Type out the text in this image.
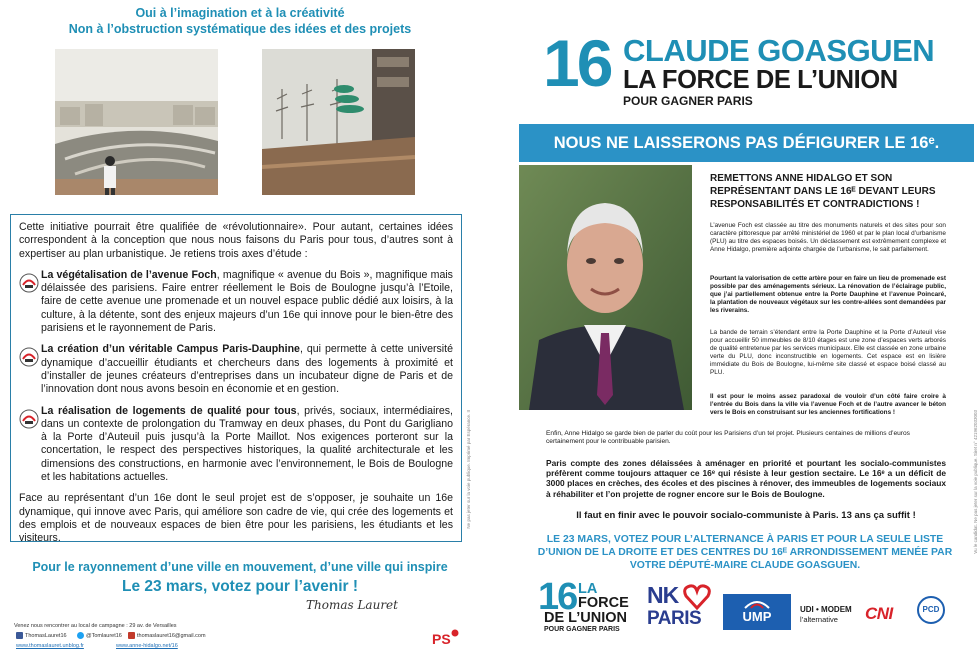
Oui à l’imagination et à la créativité
Non à l’obstruction systématique des idées et des projets

Cette initiative pourrait être qualifiée de «révolutionnaire». Pour autant, certaines idées correspondent à la conception que nous nous faisons du Paris pour tous, d’autres sont à expertiser au plan urbanistique. Je retiens trois axes d’étude :

La végétalisation de l’avenue Foch, magnifique « avenue du Bois », magnifique mais délaissée des parisiens. Faire entrer réellement le Bois de Boulogne jusqu’à l’Etoile, faire de cette avenue une promenade et un nouvel espace public dédié aux loisirs, à la culture, à la détente, sont des enjeux majeurs d’un 16e qui innove pour le bien-être des parisiens et le rayonnement de Paris.

La création d’un véritable Campus Paris-Dauphine, qui permette à cette université dynamique d’accueillir étudiants et chercheurs dans des logements à proximité et d’installer de jeunes créateurs d’entreprises dans un incubateur digne de Paris et de l’innovation dont nous avons besoin en économie et en gestion.

La réalisation de logements de qualité pour tous, privés, sociaux, intermédiaires, dans un contexte de prolongation du Tramway en deux phases, du Pont du Garigliano à la Porte d’Auteuil puis jusqu’à la Porte Maillot. Nos exigences porteront sur la concertation, le respect des perspectives historiques, la qualité architecturale et les dimensions des constructions, en harmonie avec l’environnement, le Bois de Boulogne et les habitations actuelles.

Face au représentant d’un 16e dont le seul projet est de s’opposer, je souhaite un 16e dynamique, qui innove avec Paris, qui améliore son cadre de vie, qui crée des logements et des emplois et de nouveaux espaces de bien être pour les parisiens, les étudiants et les visiteurs.

Ne pas jeter sur la voie publique. Imprimé par Espérance. II
Pour le rayonnement d’une ville en mouvement, d’une ville qui inspire
Le 23 mars, votez pour l’avenir !
Thomas Lauret
Venez nous rencontrer au local de campagne : 29 av. de Versailles
ThomasLauret16	@Tomlauret16	thomaslauret16@gmail.com
www.thomaslauret.unblog.fr	www.anne-hidalgo.net/16	PS
16 CLAUDE GOASGUEN
LA FORCE DE L’UNION
POUR GAGNER PARIS
NOUS NE LAISSERONS PAS DÉFIGURER LE 16ᵉ.
REMETTONS ANNE HIDALGO ET SON REPRÉSENTANT DANS LE 16ᴱ DEVANT LEURS RESPONSABILITÉS ET CONTRADICTIONS !

L’avenue Foch est classée au titre des monuments naturels et des sites pour son caractère pittoresque par arrêté ministériel de 1960 et par le plan local d’urbanisme (PLU) au titre des espaces boisés. Un déclassement est extrêmement complexe et Anne Hidalgo, première adjointe chargée de l’urbanisme, le sait parfaitement.

Pourtant la valorisation de cette artère pour en faire un lieu de promenade est possible par des aménagements sérieux. La rénovation de l’éclairage public, que j’ai partiellement obtenue entre la Porte Dauphine et l’avenue Poincaré, la plantation de nouveaux végétaux sur les contre-allées sont demandées par les riverains.

La bande de terrain s’étendant entre la Porte Dauphine et la Porte d’Auteuil vise pour accueillir 50 immeubles de 8/10 étages est une zone d’espaces verts arborés de qualité entretenue par les services municipaux. Elle est classée en zone urbaine verte du PLU, donc inconstructible en logements. Cet espace est en lisière immédiate du Bois de Boulogne, lui-même site classé et espace boisé classé au PLU.

Il est pour le moins assez paradoxal de vouloir d’un côté faire croire à l’entrée du Bois dans la ville via l’avenue Foch et de l’autre avancer le béton vers le Bois en construisant sur les anciennes fortifications !

Enfin, Anne Hidalgo se garde bien de parler du coût pour les Parisiens d’un tel projet. Plusieurs centaines de millions d’euros certainement pour le contribuable parisien.

Paris compte des zones délaissées à aménager en priorité et pourtant les socialo-communistes préfèrent comme toujours attaquer ce 16ᵉ qui résiste à leur gestion sectaire. Le 16ᵉ a un déficit de 3000 places en crèches, des écoles et des piscines à rénover, des immeubles de logements sociaux à réhabiliter et l’on projette de rogner encore sur le Bois de Boulogne.

Il faut en finir avec le pouvoir socialo-communiste à Paris. 13 ans ça suffit !

LE 23 MARS, VOTEZ POUR L’ALTERNANCE À PARIS ET POUR LA SEULE LISTE D’UNION DE LA DROITE ET DES CENTRES DU 16ᴱ ARRONDISSEMENT MENÉE PAR VOTRE DÉPUTÉ-MAIRE CLAUDE GOASGUEN.

Vu le candidat. Ne pas jeter sur la voie publique. Siret n° 421962033003
16 LA
FORCE
DE L’UNION
POUR GAGNER PARIS
NK
PARIS	UMP	UDI • MODEM
l’alternative	CNI	PCD
